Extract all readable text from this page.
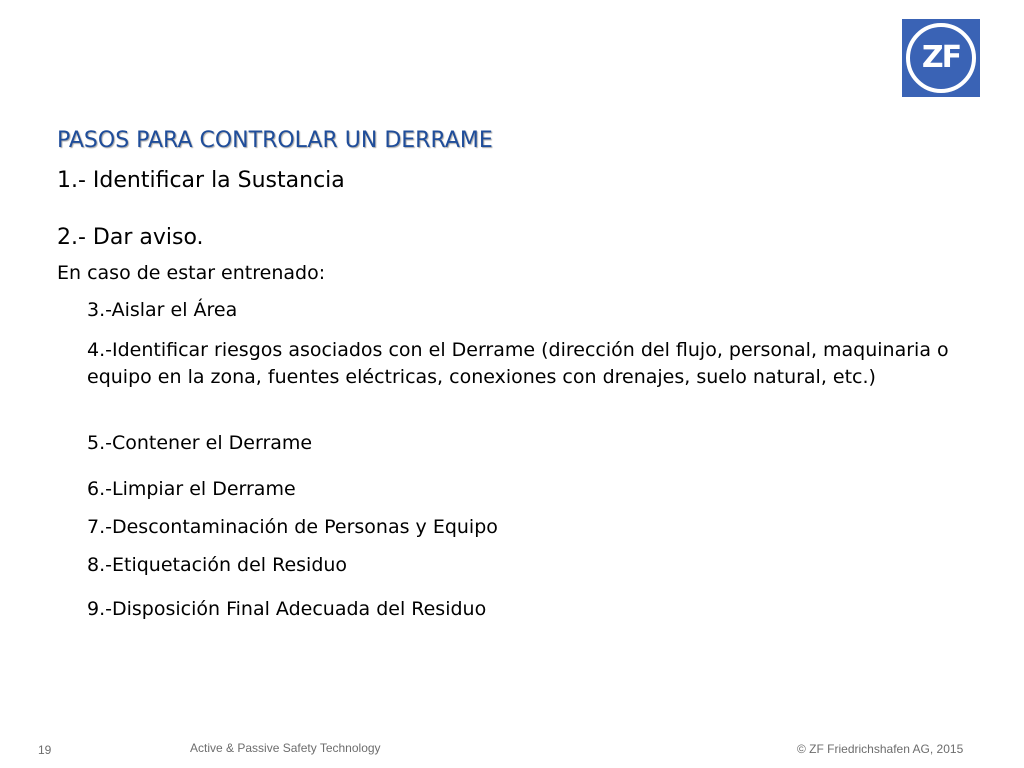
ZF
PASOS PARA CONTROLAR UN DERRAME
1.- Identificar la Sustancia
2.- Dar aviso.
En caso de estar entrenado:
3.-Aislar el Área
4.-Identificar riesgos asociados con el Derrame (dirección del flujo, personal, maquinaria o equipo en la zona, fuentes eléctricas, conexiones con drenajes, suelo natural, etc.)
5.-Contener el Derrame
6.-Limpiar el Derrame
7.-Descontaminación de Personas y Equipo
8.-Etiquetación del Residuo
9.-Disposición Final Adecuada del Residuo
19	Active & Passive Safety Technology	© ZF Friedrichshafen AG, 2015
